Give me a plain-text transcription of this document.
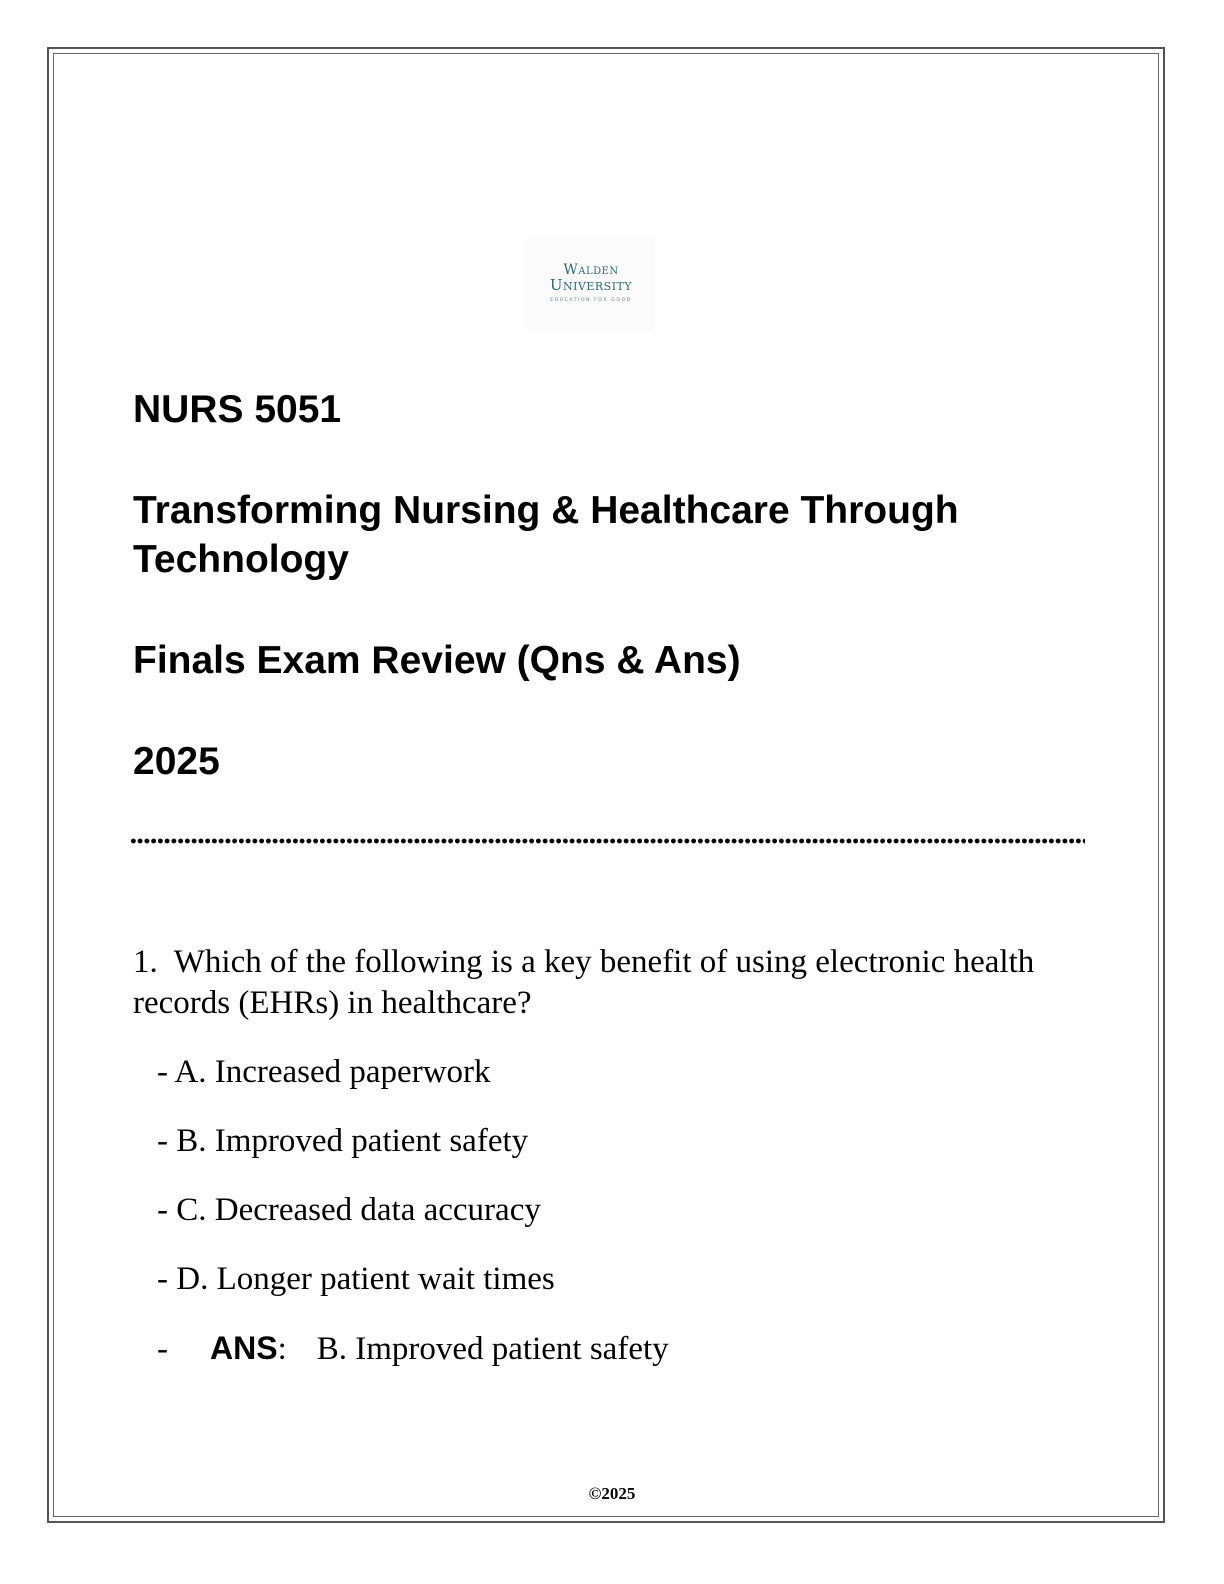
Walden
University
EDUCATION FOR GOOD
NURS 5051
Transforming Nursing & Healthcare Through
Technology
Finals Exam Review (Qns & Ans)
2025
1. Which of the following is a key benefit of using electronic health records (EHRs) in healthcare?
- A. Increased paperwork
- B. Improved patient safety
- C. Decreased data accuracy
- D. Longer patient wait times
- ANS: B. Improved patient safety
©2025
